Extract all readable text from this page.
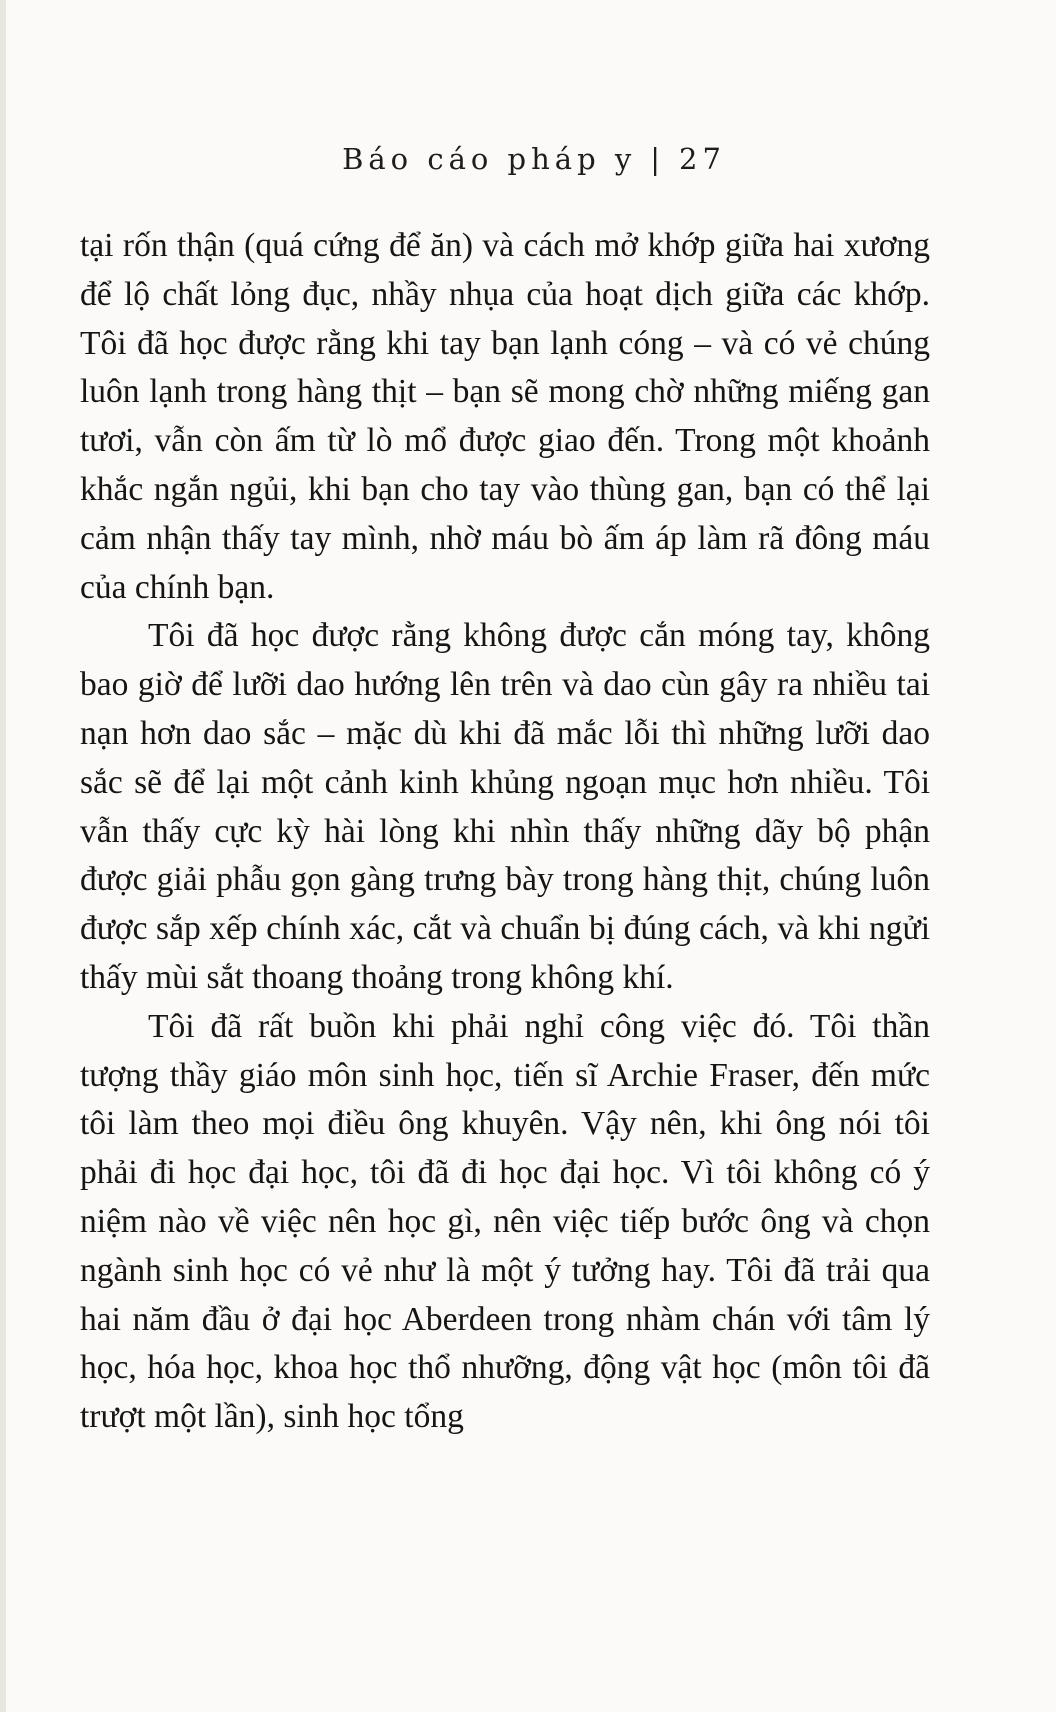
Báo cáo pháp y | 27

tại rốn thận (quá cứng để ăn) và cách mở khớp giữa hai xương để lộ chất lỏng đục, nhầy nhụa của hoạt dịch giữa các khớp. Tôi đã học được rằng khi tay bạn lạnh cóng – và có vẻ chúng luôn lạnh trong hàng thịt – bạn sẽ mong chờ những miếng gan tươi, vẫn còn ấm từ lò mổ được giao đến. Trong một khoảnh khắc ngắn ngủi, khi bạn cho tay vào thùng gan, bạn có thể lại cảm nhận thấy tay mình, nhờ máu bò ấm áp làm rã đông máu của chính bạn.

Tôi đã học được rằng không được cắn móng tay, không bao giờ để lưỡi dao hướng lên trên và dao cùn gây ra nhiều tai nạn hơn dao sắc – mặc dù khi đã mắc lỗi thì những lưỡi dao sắc sẽ để lại một cảnh kinh khủng ngoạn mục hơn nhiều. Tôi vẫn thấy cực kỳ hài lòng khi nhìn thấy những dãy bộ phận được giải phẫu gọn gàng trưng bày trong hàng thịt, chúng luôn được sắp xếp chính xác, cắt và chuẩn bị đúng cách, và khi ngửi thấy mùi sắt thoang thoảng trong không khí.

Tôi đã rất buồn khi phải nghỉ công việc đó. Tôi thần tượng thầy giáo môn sinh học, tiến sĩ Archie Fraser, đến mức tôi làm theo mọi điều ông khuyên. Vậy nên, khi ông nói tôi phải đi học đại học, tôi đã đi học đại học. Vì tôi không có ý niệm nào về việc nên học gì, nên việc tiếp bước ông và chọn ngành sinh học có vẻ như là một ý tưởng hay. Tôi đã trải qua hai năm đầu ở đại học Aberdeen trong nhàm chán với tâm lý học, hóa học, khoa học thổ nhưỡng, động vật học (môn tôi đã trượt một lần), sinh học tổng
